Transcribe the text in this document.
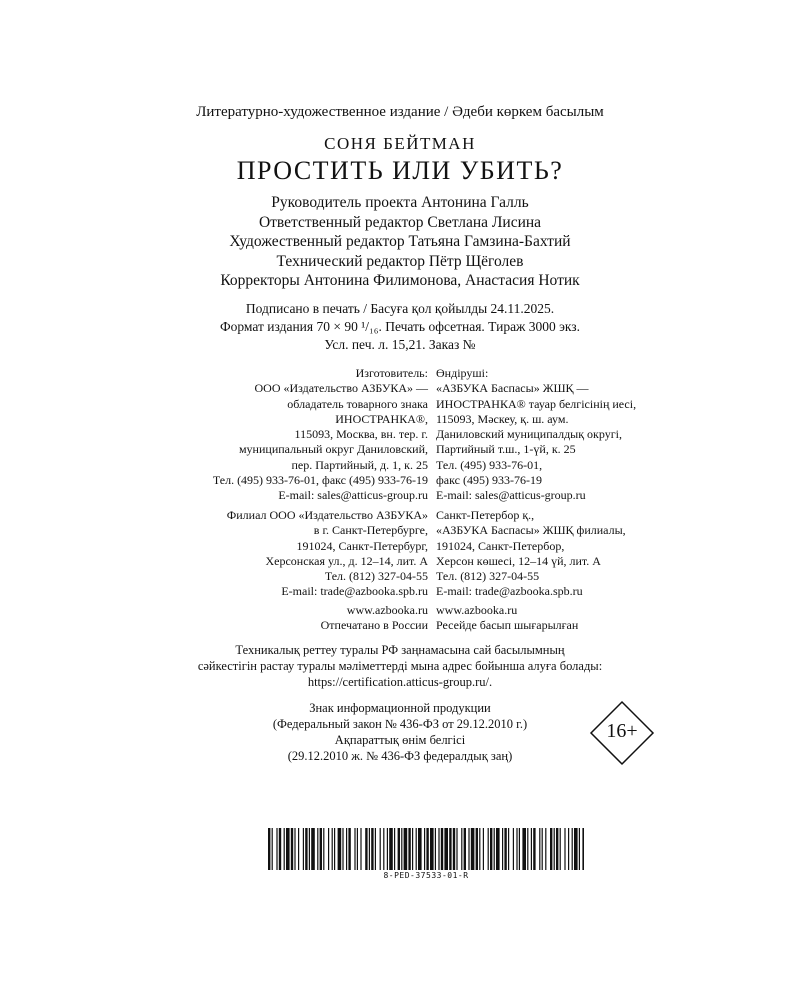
Литературно-художественное издание / Әдеби көркем басылым
СОНЯ БЕЙТМАН
ПРОСТИТЬ ИЛИ УБИТЬ?
Руководитель проекта Антонина Галль
Ответственный редактор Светлана Лисина
Художественный редактор Татьяна Гамзина-Бахтий
Технический редактор Пётр Щёголев
Корректоры Антонина Филимонова, Анастасия Нотик
Подписано в печать / Басуға қол қойылды 24.11.2025.
Формат издания 70 × 90 ¹/₁₆. Печать офсетная. Тираж 3000 экз.
Усл. печ. л. 15,21. Заказ №
Изготовитель:
ООО «Издательство АЗБУКА» —
обладатель товарного знака
ИНОСТРАНКА®,
115093, Москва, вн. тер. г.
муниципальный округ Даниловский,
пер. Партийный, д. 1, к. 25
Тел. (495) 933-76-01, факс (495) 933-76-19
E-mail: sales@atticus-group.ru
Өндіруші:
«АЗБУКА Баспасы» ЖШҚ —
ИНОСТРАНКА® тауар белгісінің иесі,
115093, Мәскеу, қ. ш. аум.
Даниловский муниципалдық округі,
Партийный т.ш., 1-үй, к. 25
Тел. (495) 933-76-01,
факс (495) 933-76-19
E-mail: sales@atticus-group.ru
Филиал ООО «Издательство АЗБУКА»
в г. Санкт-Петербурге,
191024, Санкт-Петербург,
Херсонская ул., д. 12–14, лит. А
Тел. (812) 327-04-55
E-mail: trade@azbooka.spb.ru
Санкт-Петербор қ.,
«АЗБУКА Баспасы» ЖШҚ филиалы,
191024, Санкт-Петербор,
Херсон көшесі, 12–14 үй, лит. А
Тел. (812) 327-04-55
E-mail: trade@azbooka.spb.ru
www.azbooka.ru
Отпечатано в России
www.azbooka.ru
Ресейде басып шығарылған
Техникалық реттеу туралы РФ заңнамасына сай басылымның
сәйкестігін растау туралы мәліметтерді мына адрес бойынша алуға болады:
https://certification.atticus-group.ru/.
Знак информационной продукции
(Федеральный закон № 436-ФЗ от 29.12.2010 г.)
Ақпараттық өнім белгісі
(29.12.2010 ж. № 436-ФЗ федералдық заң)
16+
8-PED-37533-01-R
